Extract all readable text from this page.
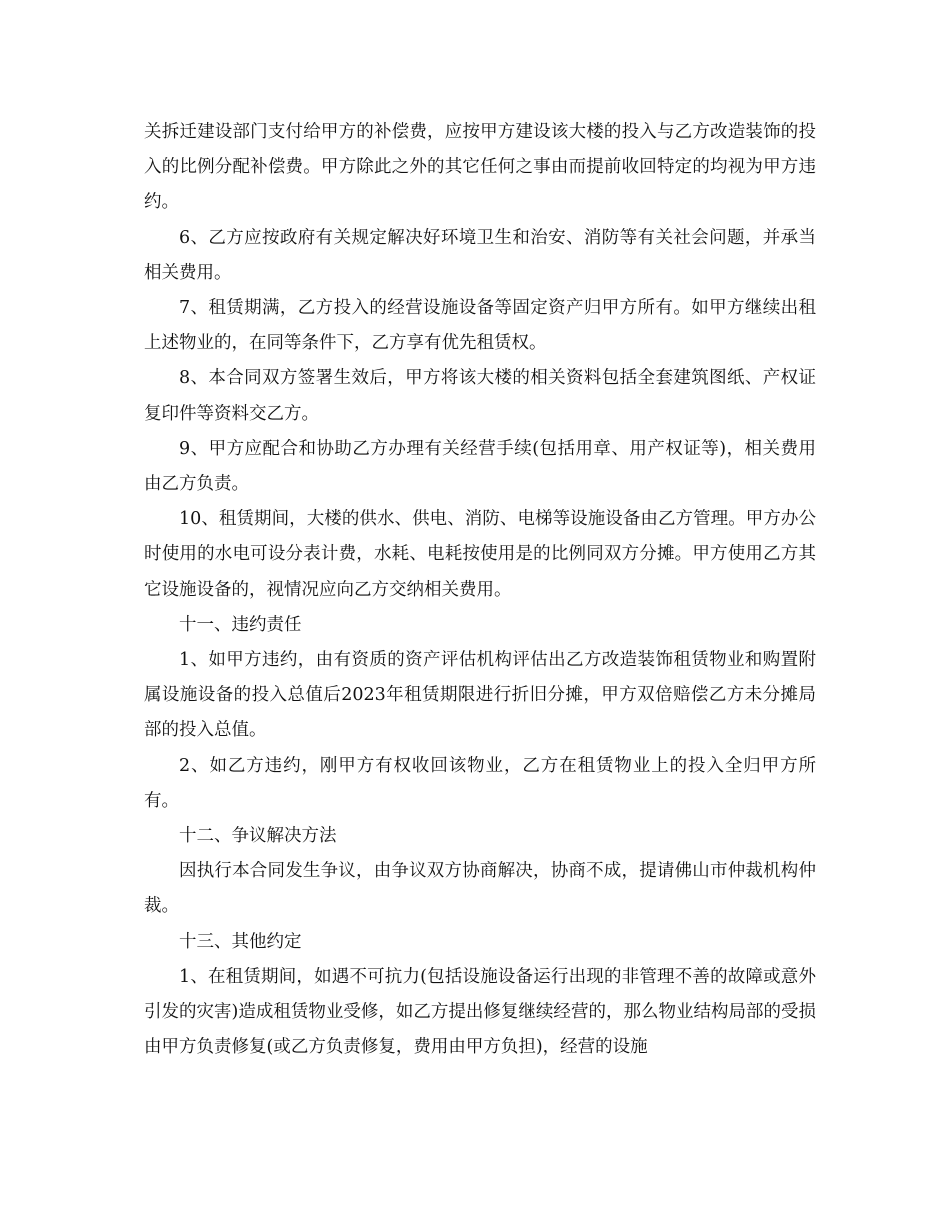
关拆迁建设部门支付给甲方的补偿费，应按甲方建设该大楼的投入与乙方改造装饰的投入的比例分配补偿费。甲方除此之外的其它任何之事由而提前收回特定的均视为甲方违约。

6、乙方应按政府有关规定解决好环境卫生和治安、消防等有关社会问题，并承当相关费用。

7、租赁期满，乙方投入的经营设施设备等固定资产归甲方所有。如甲方继续出租上述物业的，在同等条件下，乙方享有优先租赁权。

8、本合同双方签署生效后，甲方将该大楼的相关资料包括全套建筑图纸、产权证复印件等资料交乙方。

9、甲方应配合和协助乙方办理有关经营手续(包括用章、用产权证等)，相关费用由乙方负责。

10、租赁期间，大楼的供水、供电、消防、电梯等设施设备由乙方管理。甲方办公时使用的水电可设分表计费，水耗、电耗按使用是的比例同双方分摊。甲方使用乙方其它设施设备的，视情况应向乙方交纳相关费用。

十一、违约责任

1、如甲方违约，由有资质的资产评估机构评估出乙方改造装饰租赁物业和购置附属设施设备的投入总值后2023年租赁期限进行折旧分摊，甲方双倍赔偿乙方未分摊局部的投入总值。

2、如乙方违约，刚甲方有权收回该物业，乙方在租赁物业上的投入全归甲方所有。

十二、争议解决方法

因执行本合同发生争议，由争议双方协商解决，协商不成，提请佛山市仲裁机构仲裁。

十三、其他约定

1、在租赁期间，如遇不可抗力(包括设施设备运行出现的非管理不善的故障或意外引发的灾害)造成租赁物业受修，如乙方提出修复继续经营的，那么物业结构局部的受损由甲方负责修复(或乙方负责修复，费用由甲方负担)，经营的设施
